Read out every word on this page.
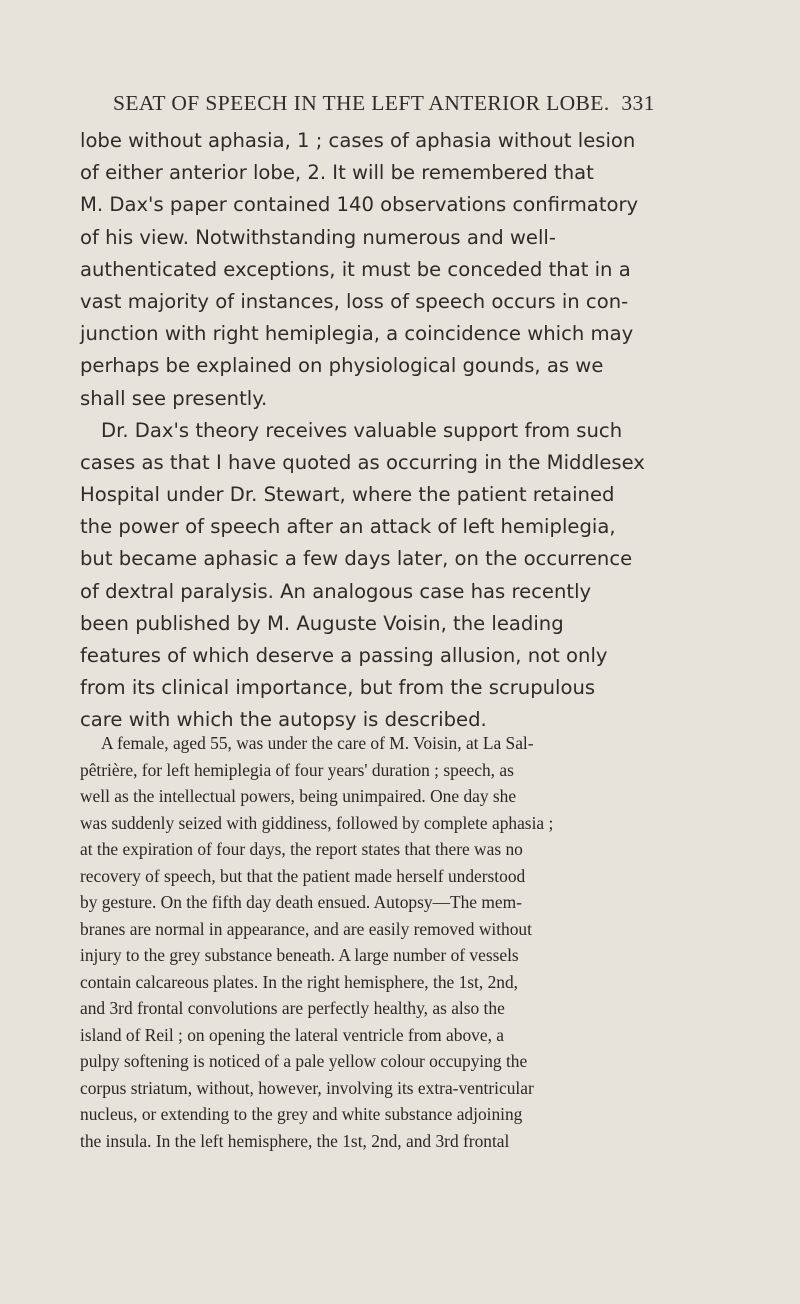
SEAT OF SPEECH IN THE LEFT ANTERIOR LOBE. 331
lobe without aphasia, 1 ; cases of aphasia without lesion
of either anterior lobe, 2. It will be remembered that
M. Dax's paper contained 140 observations confirmatory
of his view. Notwithstanding numerous and well-
authenticated exceptions, it must be conceded that in a
vast majority of instances, loss of speech occurs in con-
junction with right hemiplegia, a coincidence which may
perhaps be explained on physiological gounds, as we
shall see presently.
Dr. Dax's theory receives valuable support from such
cases as that I have quoted as occurring in the Middlesex
Hospital under Dr. Stewart, where the patient retained
the power of speech after an attack of left hemiplegia,
but became aphasic a few days later, on the occurrence
of dextral paralysis. An analogous case has recently
been published by M. Auguste Voisin, the leading
features of which deserve a passing allusion, not only
from its clinical importance, but from the scrupulous
care with which the autopsy is described.
A female, aged 55, was under the care of M. Voisin, at La Sal-
pêtrière, for left hemiplegia of four years' duration ; speech, as
well as the intellectual powers, being unimpaired. One day she
was suddenly seized with giddiness, followed by complete aphasia ;
at the expiration of four days, the report states that there was no
recovery of speech, but that the patient made herself understood
by gesture. On the fifth day death ensued. Autopsy—The mem-
branes are normal in appearance, and are easily removed without
injury to the grey substance beneath. A large number of vessels
contain calcareous plates. In the right hemisphere, the 1st, 2nd,
and 3rd frontal convolutions are perfectly healthy, as also the
island of Reil ; on opening the lateral ventricle from above, a
pulpy softening is noticed of a pale yellow colour occupying the
corpus striatum, without, however, involving its extra-ventricular
nucleus, or extending to the grey and white substance adjoining
the insula. In the left hemisphere, the 1st, 2nd, and 3rd frontal
